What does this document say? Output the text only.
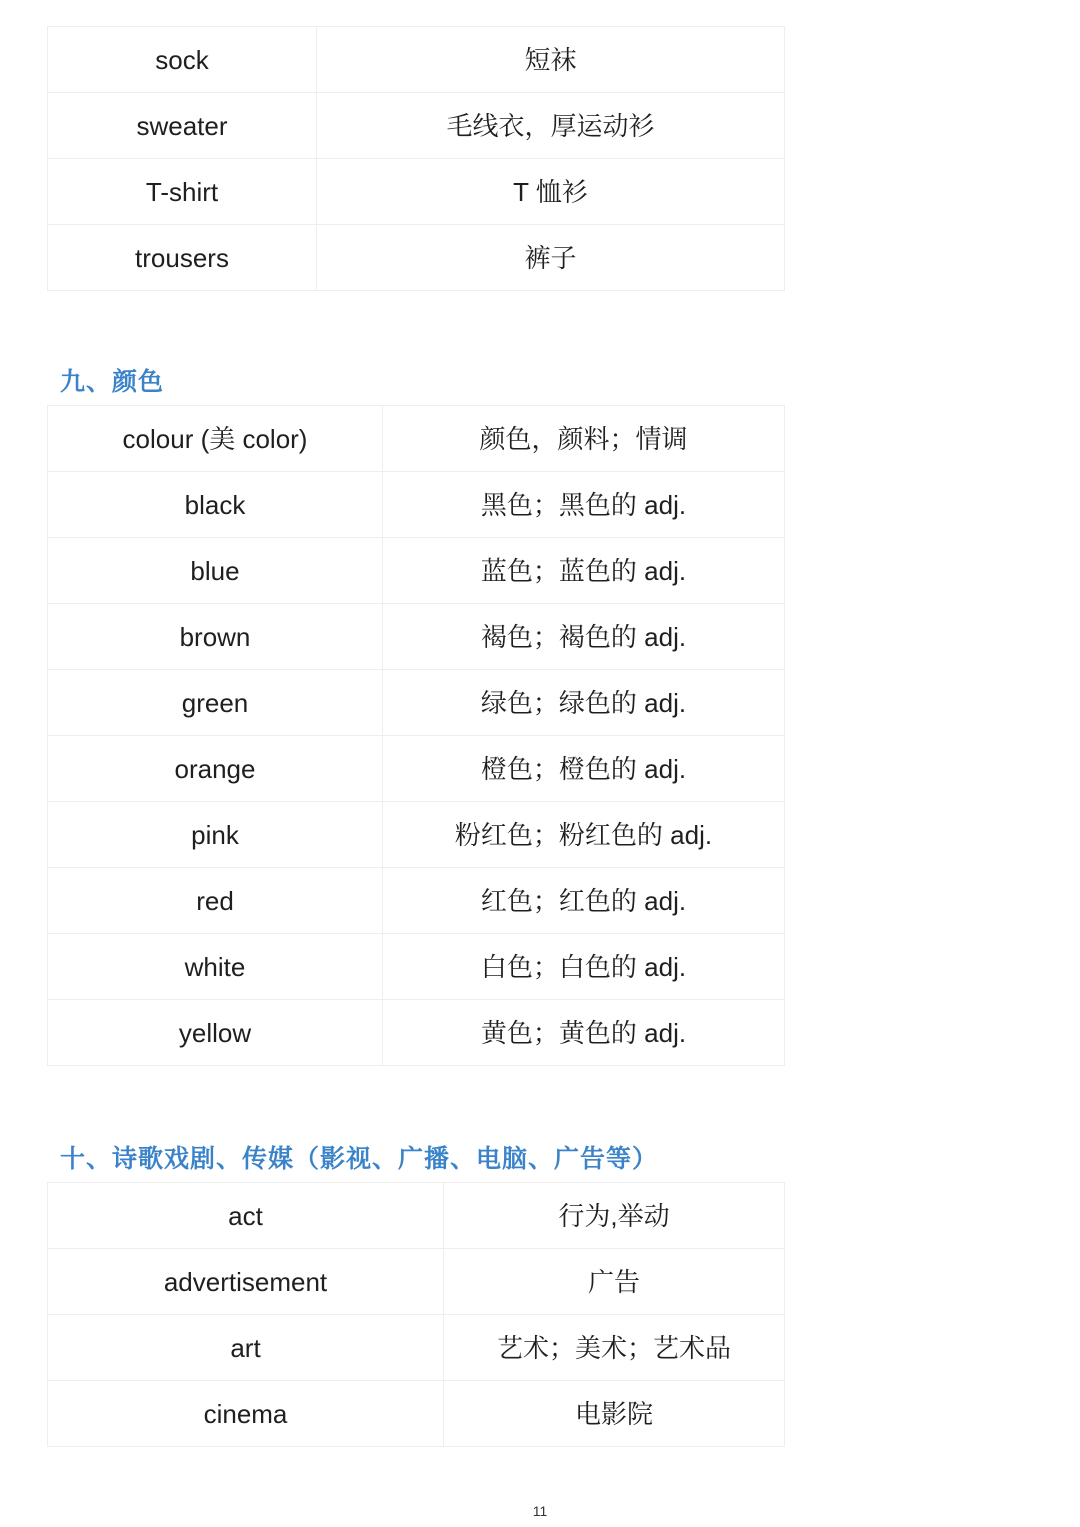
sock	短袜
sweater	毛线衣，厚运动衫
T-shirt	T 恤衫
trousers	裤子
九、颜色
colour (美 color)	颜色，颜料；情调
black	黑色；黑色的 adj.
blue	蓝色；蓝色的 adj.
brown	褐色；褐色的 adj.
green	绿色；绿色的 adj.
orange	橙色；橙色的 adj.
pink	粉红色；粉红色的 adj.
red	红色；红色的 adj.
white	白色；白色的 adj.
yellow	黄色；黄色的 adj.
十、诗歌戏剧、传媒（影视、广播、电脑、广告等）
act	行为,举动
advertisement	广告
art	艺术；美术；艺术品
cinema	电影院
11
